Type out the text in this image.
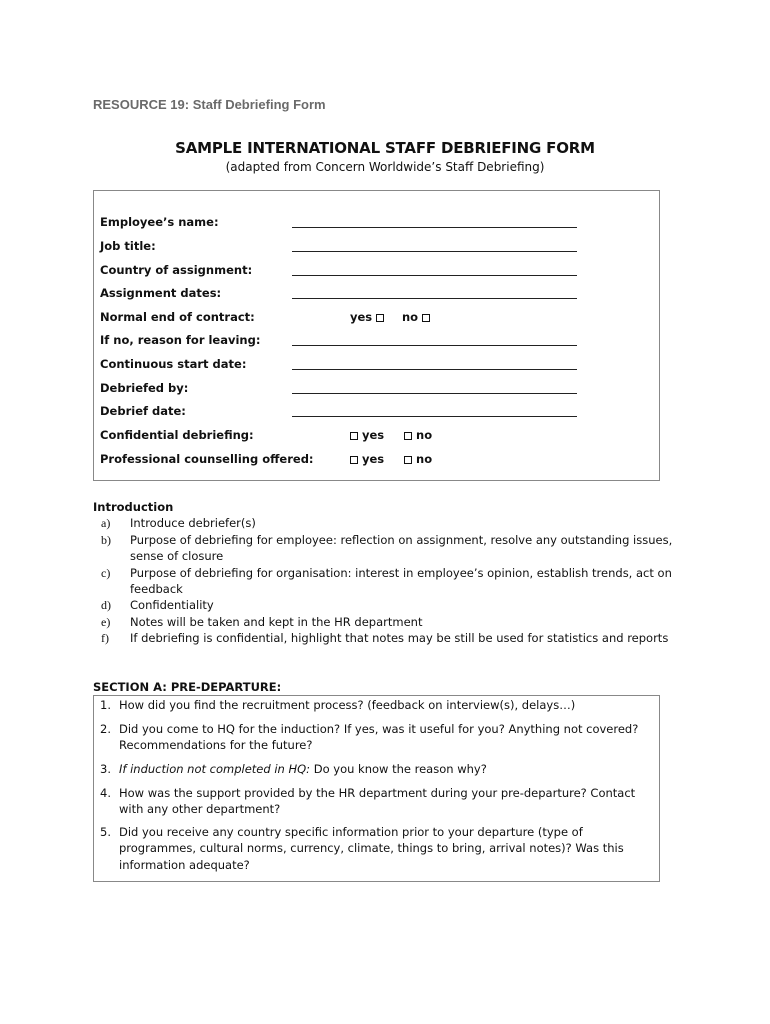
RESOURCE 19: Staff Debriefing Form
SAMPLE INTERNATIONAL STAFF DEBRIEFING FORM
(adapted from Concern Worldwide’s Staff Debriefing)
Employee’s name:
Job title:
Country of assignment:
Assignment dates:
Normal end of contract:	yes	no
If no, reason for leaving:
Continuous start date:
Debriefed by:
Debrief date:
Confidential debriefing:	yes	no
Professional counselling offered:	yes	no
Introduction
a) Introduce debriefer(s)
b) Purpose of debriefing for employee: reflection on assignment, resolve any outstanding issues, sense of closure
c) Purpose of debriefing for organisation: interest in employee’s opinion, establish trends, act on feedback
d) Confidentiality
e) Notes will be taken and kept in the HR department
f) If debriefing is confidential, highlight that notes may be still be used for statistics and reports
SECTION A: PRE-DEPARTURE:
1. How did you find the recruitment process? (feedback on interview(s), delays…)
2. Did you come to HQ for the induction? If yes, was it useful for you? Anything not covered? Recommendations for the future?
3. If induction not completed in HQ: Do you know the reason why?
4. How was the support provided by the HR department during your pre-departure? Contact with any other department?
5. Did you receive any country specific information prior to your departure (type of programmes, cultural norms, currency, climate, things to bring, arrival notes)? Was this information adequate?
